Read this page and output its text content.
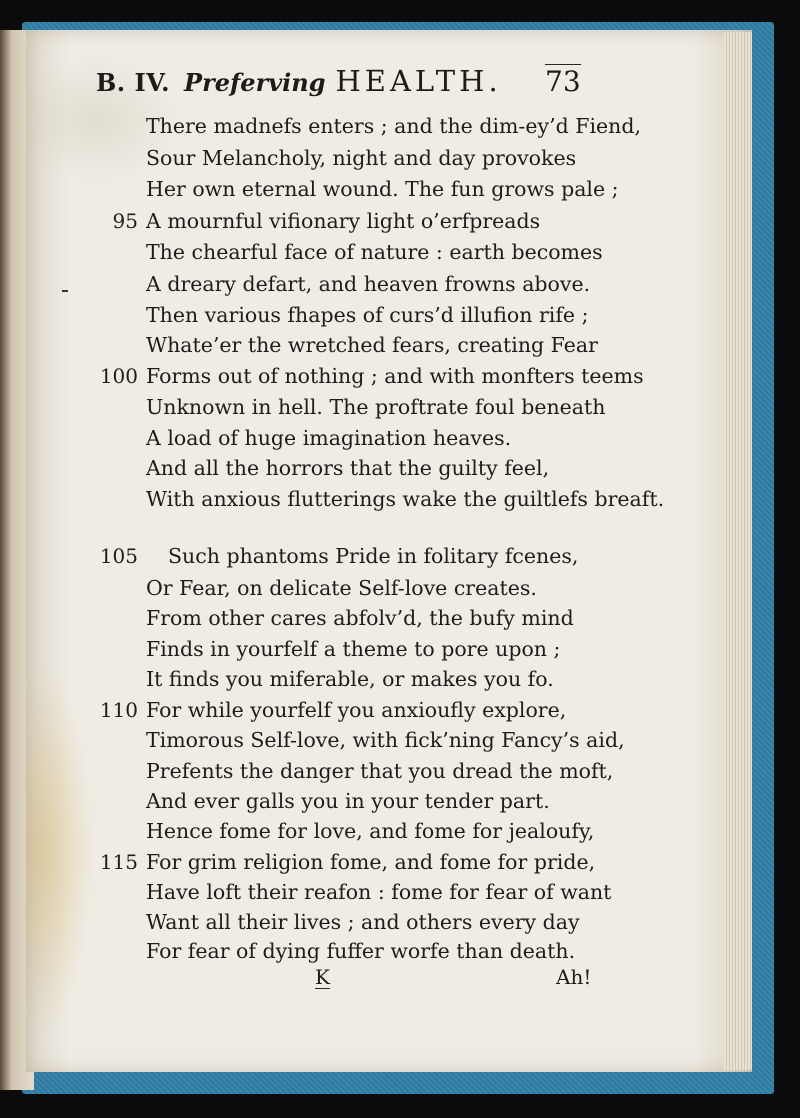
B. IV. Preferving HEALTH. 73
There madnefs enters ; and the dim-ey’d Fiend,
Sour Melancholy, night and day provokes
Her own eternal wound. The fun grows pale ;
95 A mournful vifionary light o’erfpreads
The chearful face of nature : earth becomes
A dreary defart, and heaven frowns above.
Then various fhapes of curs’d illufion rife ;
Whate’er the wretched fears, creating Fear
100 Forms out of nothing ; and with monfters teems
Unknown in hell. The proftrate foul beneath
A load of huge imagination heaves.
And all the horrors that the guilty feel,
With anxious flutterings wake the guiltlefs breaft.
105 Such phantoms Pride in folitary fcenes,
Or Fear, on delicate Self-love creates.
From other cares abfolv’d, the bufy mind
Finds in yourfelf a theme to pore upon ;
It finds you miferable, or makes you fo.
110 For while yourfelf you anxioufly explore,
Timorous Self-love, with fick’ning Fancy’s aid,
Prefents the danger that you dread the moft,
And ever galls you in your tender part.
Hence fome for love, and fome for jealoufy,
115 For grim religion fome, and fome for pride,
Have loft their reafon : fome for fear of want
Want all their lives ; and others every day
For fear of dying fuffer worfe than death.
K	Ah!
